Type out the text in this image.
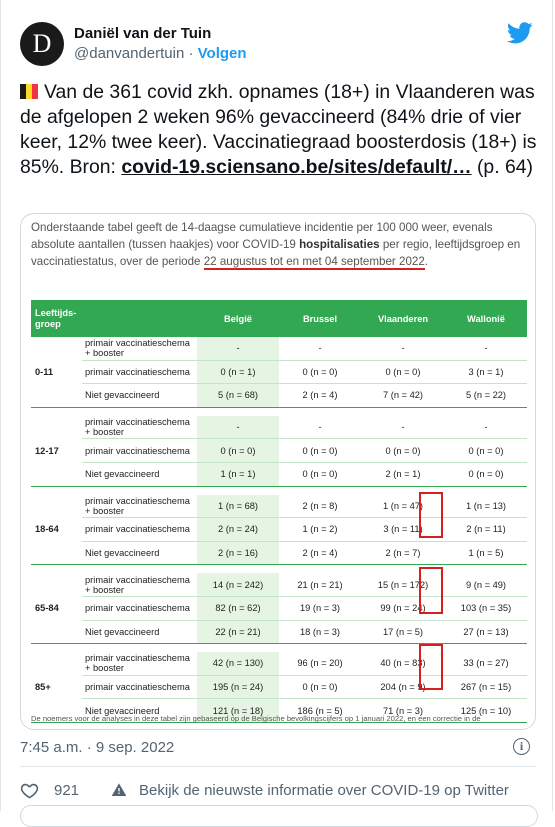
D Daniël van der Tuin
@danvandertuin · Volgen
Van de 361 covid zkh. opnames (18+) in Vlaanderen was de afgelopen 2 weken 96% gevaccineerd (84% drie of vier keer, 12% twee keer). Vaccinatiegraad boosterdosis (18+) is 85%. Bron: covid-19.sciensano.be/sites/default/… (p. 64)
Onderstaande tabel geeft de 14-daagse cumulatieve incidentie per 100 000 weer, evenals absolute aantallen (tussen haakjes) voor COVID-19 hospitalisaties per regio, leeftijdsgroep en vaccinatiestatus, over de periode 22 augustus tot en met 04 september 2022.
Leeftijds- groep		België	Brussel	Vlaanderen	Wallonië
0-11	primair vaccinatieschema + booster	-	-	-	-
	primair vaccinatieschema	0 (n = 1)	0 (n = 0)	0 (n = 0)	3 (n = 1)
	Niet gevaccineerd	5 (n = 68)	2 (n = 4)	7 (n = 42)	5 (n = 22)

12-17	primair vaccinatieschema + booster	-	-	-	-
	primair vaccinatieschema	0 (n = 0)	0 (n = 0)	0 (n = 0)	0 (n = 0)
	Niet gevaccineerd	1 (n = 1)	0 (n = 0)	2 (n = 1)	0 (n = 0)

18-64	primair vaccinatieschema + booster	1 (n = 68)	2 (n = 8)	1 (n = 47)	1 (n = 13)
	primair vaccinatieschema	2 (n = 24)	1 (n = 2)	3 (n = 11)	2 (n = 11)
	Niet gevaccineerd	2 (n = 16)	2 (n = 4)	2 (n = 7)	1 (n = 5)

65-84	primair vaccinatieschema + booster	14 (n = 242)	21 (n = 21)	15 (n = 172)	9 (n = 49)
	primair vaccinatieschema	82 (n = 62)	19 (n = 3)	99 (n = 24)	103 (n = 35)
	Niet gevaccineerd	22 (n = 21)	18 (n = 3)	17 (n = 5)	27 (n = 13)

85+	primair vaccinatieschema + booster	42 (n = 130)	96 (n = 20)	40 (n = 83)	33 (n = 27)
	primair vaccinatieschema	195 (n = 24)	0 (n = 0)	204 (n = 9)	267 (n = 15)
	Niet gevaccineerd	121 (n = 18)	186 (n = 5)	71 (n = 3)	125 (n = 10)
De noemers voor de analyses in deze tabel zijn gebaseerd op de Belgische bevolkingscijfers op 1 januari 2022, en een correctie in de
7:45 a.m. · 9 sep. 2022	i
921	Bekijk de nieuwste informatie over COVID-19 op Twitter
